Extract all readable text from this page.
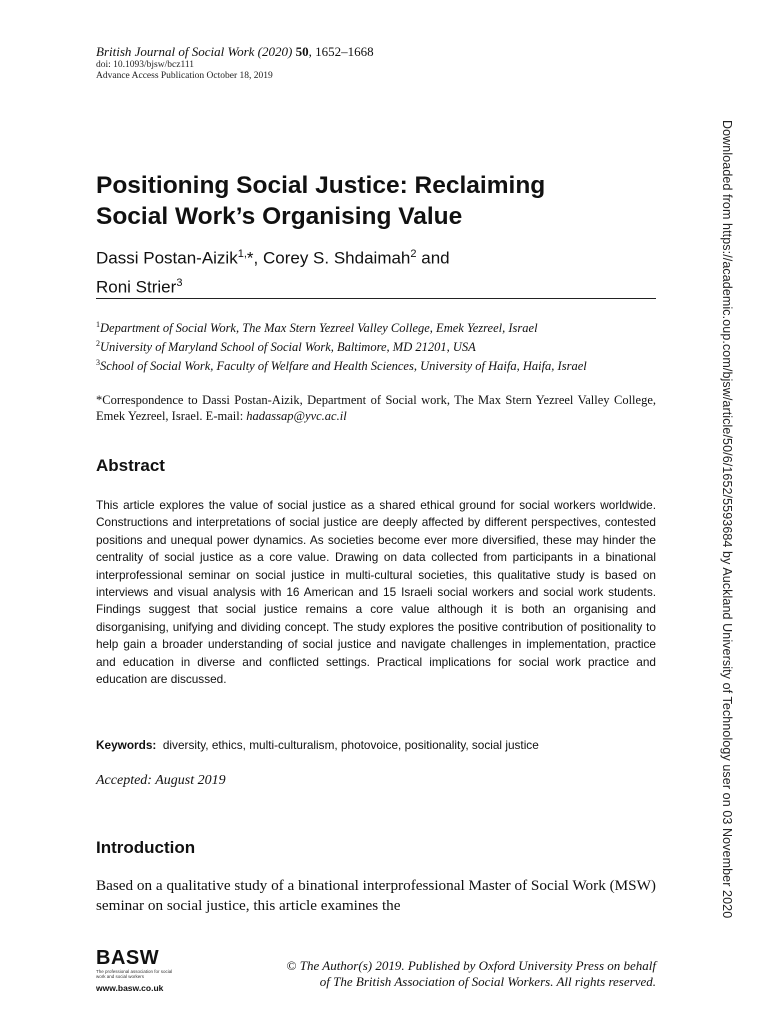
British Journal of Social Work (2020) 50, 1652–1668
doi: 10.1093/bjsw/bcz111
Advance Access Publication October 18, 2019
Downloaded from https://academic.oup.com/bjsw/article/50/6/1652/5593684 by Auckland University of Technology user on 03 November 2020
Positioning Social Justice: Reclaiming
Social Work’s Organising Value
Dassi Postan-Aizik$^{1,}$*, Corey S. Shdaimah$^2$ and
Roni Strier$^3$
$^1$Department of Social Work, The Max Stern Yezreel Valley College, Emek Yezreel, Israel
$^2$University of Maryland School of Social Work, Baltimore, MD 21201, USA
$^3$School of Social Work, Faculty of Welfare and Health Sciences, University of Haifa, Haifa, Israel
*Correspondence to Dassi Postan-Aizik, Department of Social work, The Max Stern Yezreel Valley College, Emek Yezreel, Israel. E-mail: hadassap@yvc.ac.il
Abstract
This article explores the value of social justice as a shared ethical ground for social workers worldwide. Constructions and interpretations of social justice are deeply affected by different perspectives, contested positions and unequal power dynamics. As societies become ever more diversified, these may hinder the centrality of social justice as a core value. Drawing on data collected from participants in a binational interprofessional seminar on social justice in multi-cultural societies, this qualitative study is based on interviews and visual analysis with 16 American and 15 Israeli social workers and social work students. Findings suggest that social justice remains a core value although it is both an organising and disorganising, unifying and dividing concept. The study explores the positive contribution of positionality to help gain a broader understanding of social justice and navigate challenges in implementation, practice and education in diverse and conflicted settings. Practical implications for social work practice and education are discussed.
Keywords: diversity, ethics, multi-culturalism, photovoice, positionality, social justice
Accepted: August 2019
Introduction
Based on a qualitative study of a binational interprofessional Master of Social Work (MSW) seminar on social justice, this article examines the
BASW
The professional association for social work and social workers
www.basw.co.uk
© The Author(s) 2019. Published by Oxford University Press on behalf
of The British Association of Social Workers. All rights reserved.
